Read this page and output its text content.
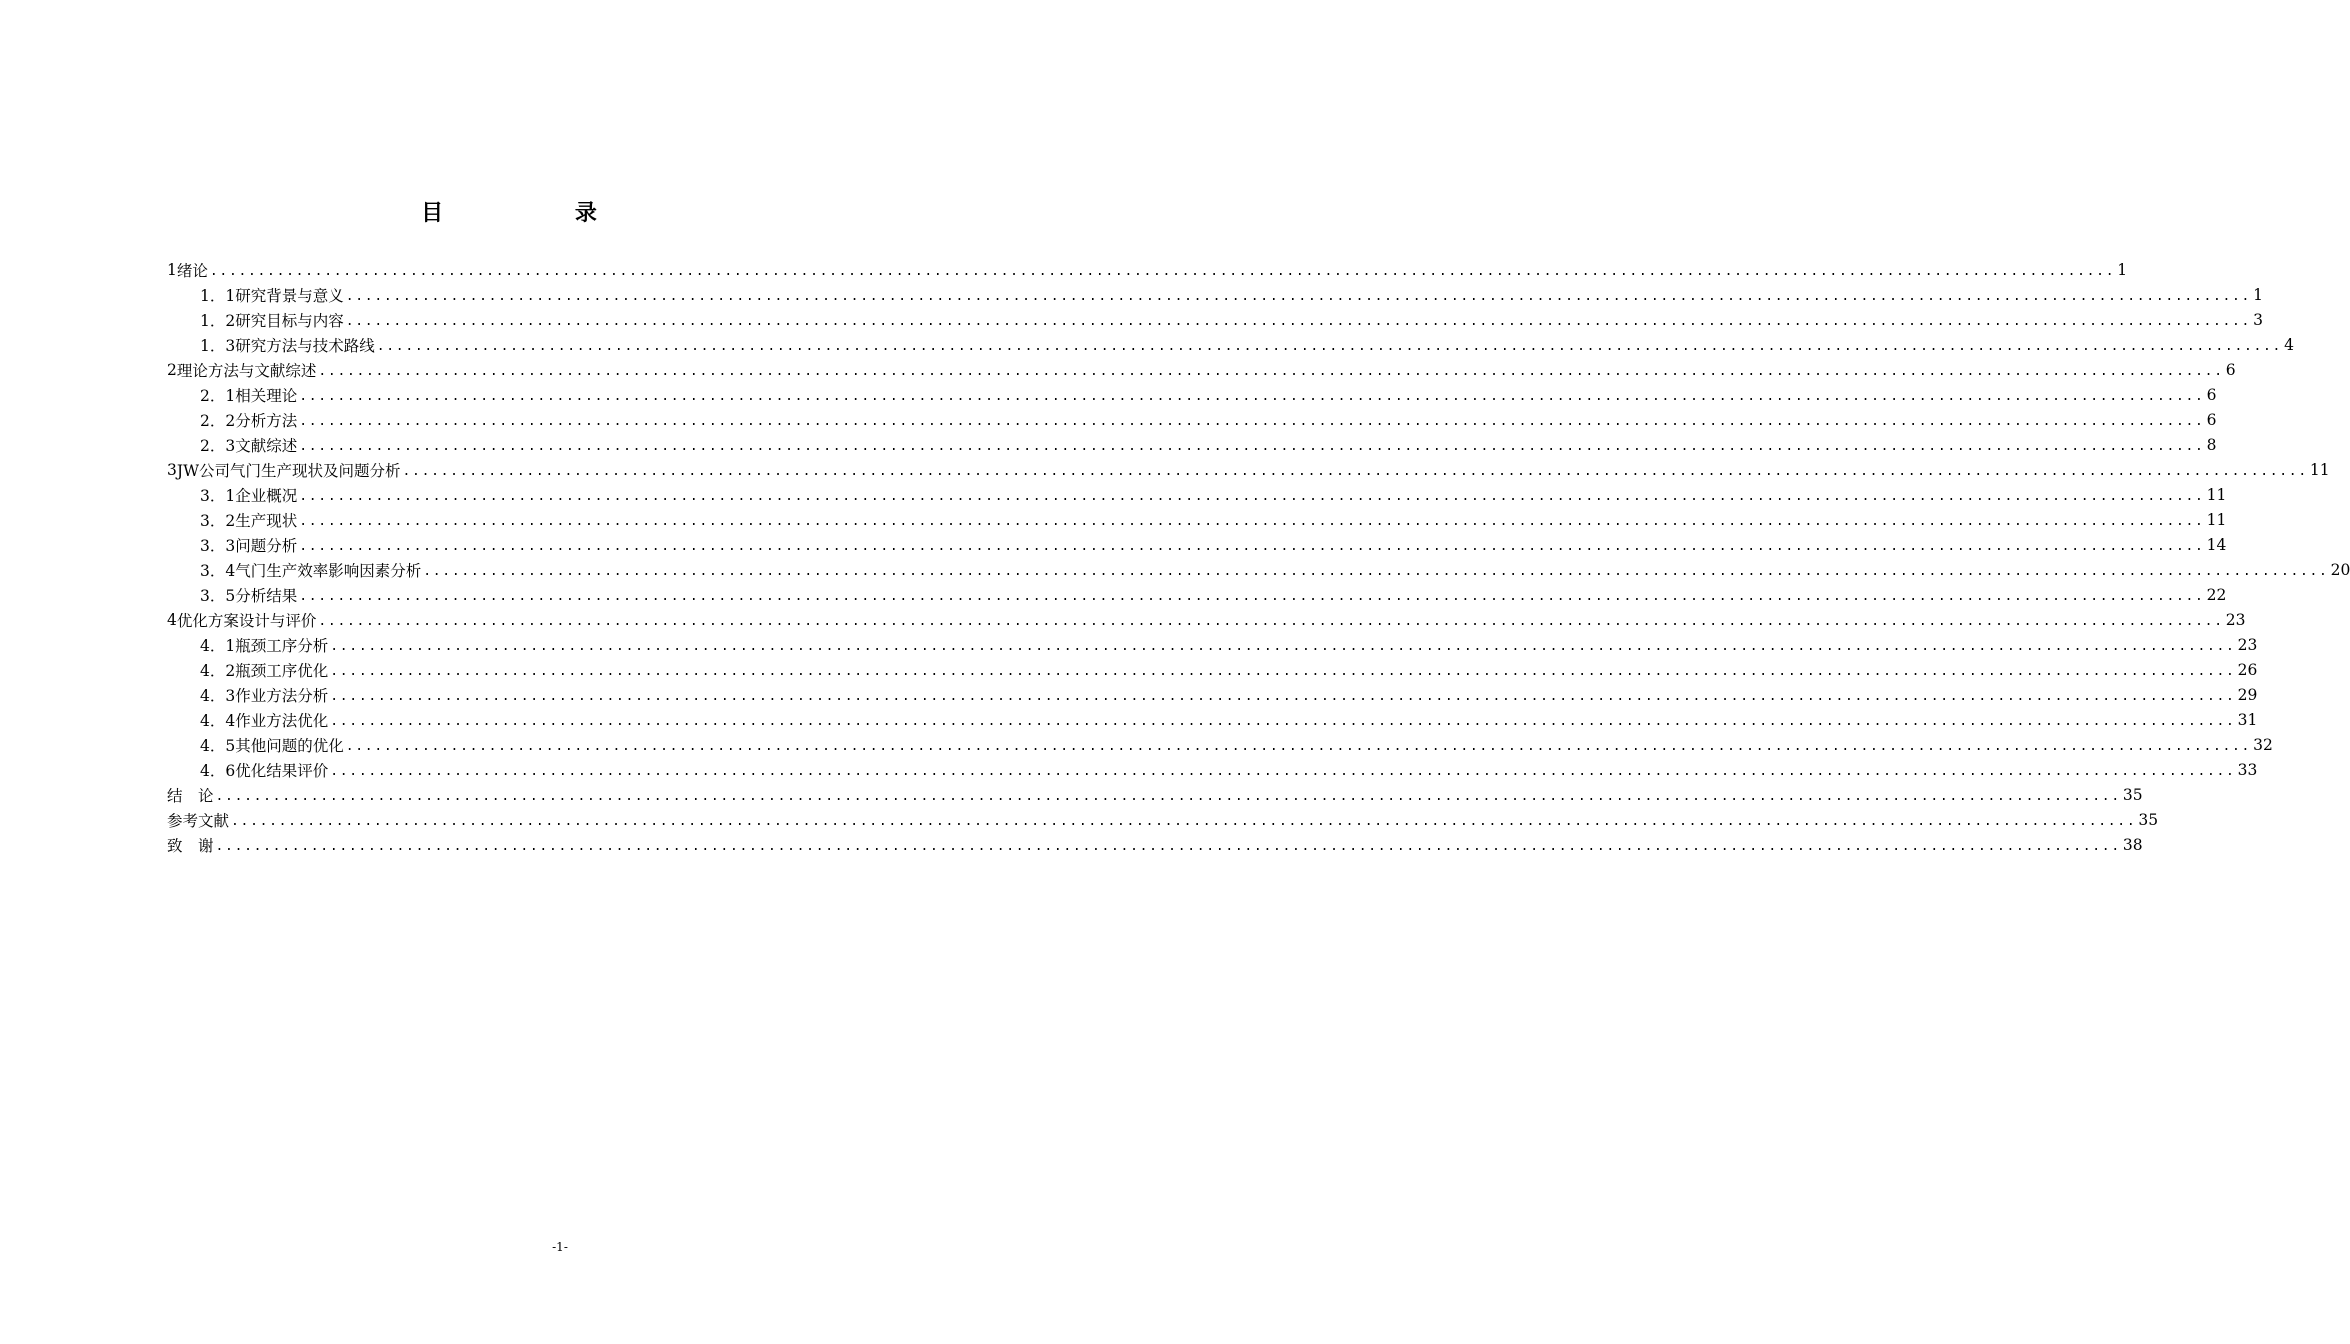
目 录
1 绪论 ........................................................................................................................................................................................................ 1
1．1 研究背景与意义 ........................................................................................................................................................................................................ 1
1．2 研究目标与内容 ........................................................................................................................................................................................................ 3
1．3 研究方法与技术路线 ........................................................................................................................................................................................................ 4
2 理论方法与文献综述 ........................................................................................................................................................................................................ 6
2．1 相关理论 ........................................................................................................................................................................................................ 6
2．2 分析方法 ........................................................................................................................................................................................................ 6
2．3 文献综述 ........................................................................................................................................................................................................ 8
3 JW公司气门生产现状及问题分析 ........................................................................................................................................................................................................ 11
3．1 企业概况 ........................................................................................................................................................................................................ 11
3．2 生产现状 ........................................................................................................................................................................................................ 11
3．3 问题分析 ........................................................................................................................................................................................................ 14
3．4 气门生产效率影响因素分析 ........................................................................................................................................................................................................ 20
3．5 分析结果 ........................................................................................................................................................................................................ 22
4 优化方案设计与评价 ........................................................................................................................................................................................................ 23
4．1 瓶颈工序分析 ........................................................................................................................................................................................................ 23
4．2 瓶颈工序优化 ........................................................................................................................................................................................................ 26
4．3 作业方法分析 ........................................................................................................................................................................................................ 29
4．4 作业方法优化 ........................................................................................................................................................................................................ 31
4．5 其他问题的优化 ........................................................................................................................................................................................................ 32
4．6 优化结果评价 ........................................................................................................................................................................................................ 33
结　论 ........................................................................................................................................................................................................ 35
参考文献 ........................................................................................................................................................................................................ 35
致　谢 ........................................................................................................................................................................................................ 38
-1-
